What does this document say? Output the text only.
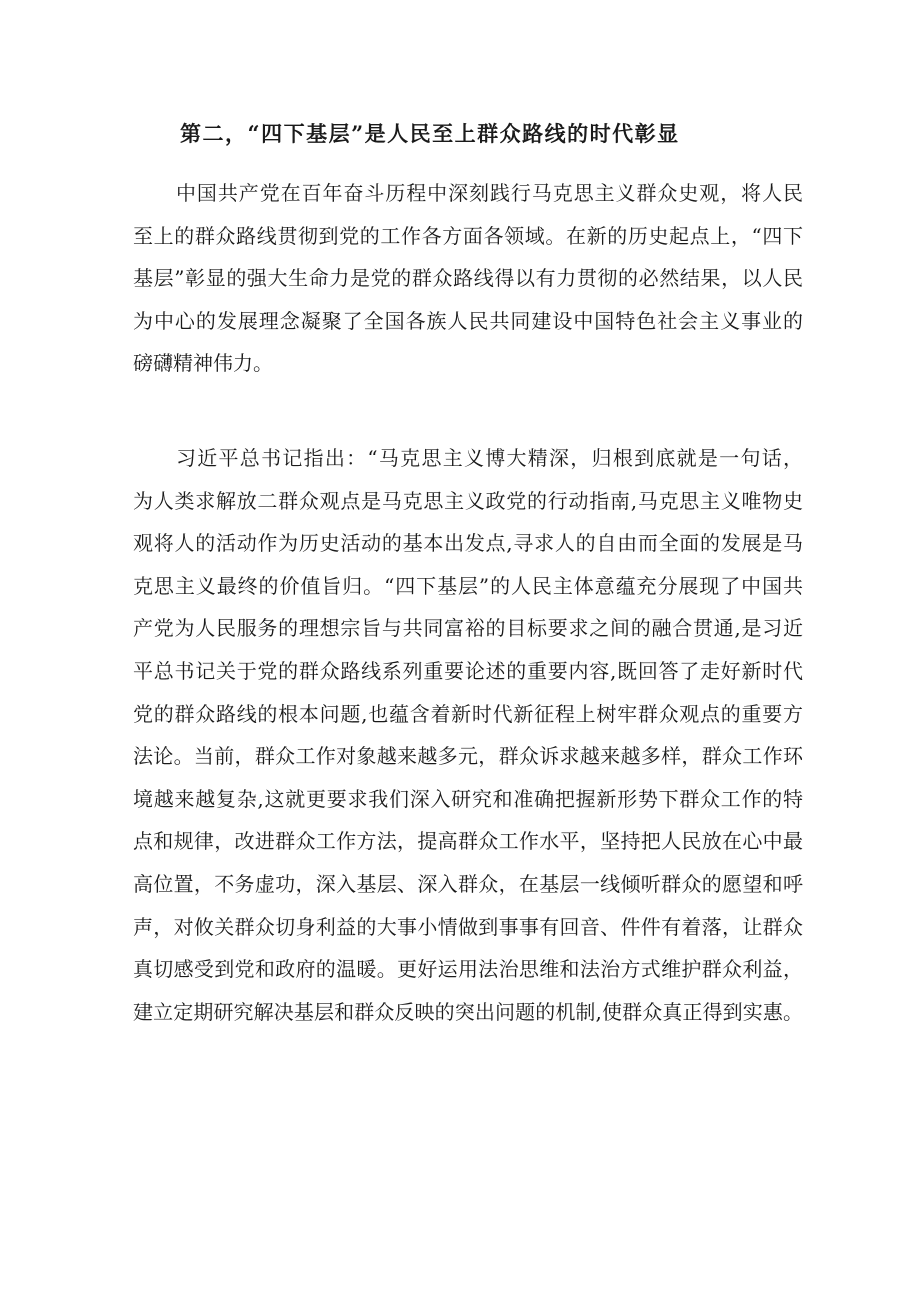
第二，“四下基层”是人民至上群众路线的时代彰显
中国共产党在百年奋斗历程中深刻践行马克思主义群众史观，将人民
至上的群众路线贯彻到党的工作各方面各领域。在新的历史起点上，“四下
基层”彰显的强大生命力是党的群众路线得以有力贯彻的必然结果，以人民
为中心的发展理念凝聚了全国各族人民共同建设中国特色社会主义事业的
磅礴精神伟力。
习近平总书记指出：“马克思主义博大精深，归根到底就是一句话，
为人类求解放二群众观点是马克思主义政党的行动指南,马克思主义唯物史
观将人的活动作为历史活动的基本出发点,寻求人的自由而全面的发展是马
克思主义最终的价值旨归。“四下基层”的人民主体意蕴充分展现了中国共
产党为人民服务的理想宗旨与共同富裕的目标要求之间的融合贯通,是习近
平总书记关于党的群众路线系列重要论述的重要内容,既回答了走好新时代
党的群众路线的根本问题,也蕴含着新时代新征程上树牢群众观点的重要方
法论。当前，群众工作对象越来越多元，群众诉求越来越多样，群众工作环
境越来越复杂,这就更要求我们深入研究和准确把握新形势下群众工作的特
点和规律，改进群众工作方法，提高群众工作水平，坚持把人民放在心中最
高位置，不务虚功，深入基层、深入群众，在基层一线倾听群众的愿望和呼
声，对攸关群众切身利益的大事小情做到事事有回音、件件有着落，让群众
真切感受到党和政府的温暖。更好运用法治思维和法治方式维护群众利益，
建立定期研究解决基层和群众反映的突出问题的机制,使群众真正得到实惠。
